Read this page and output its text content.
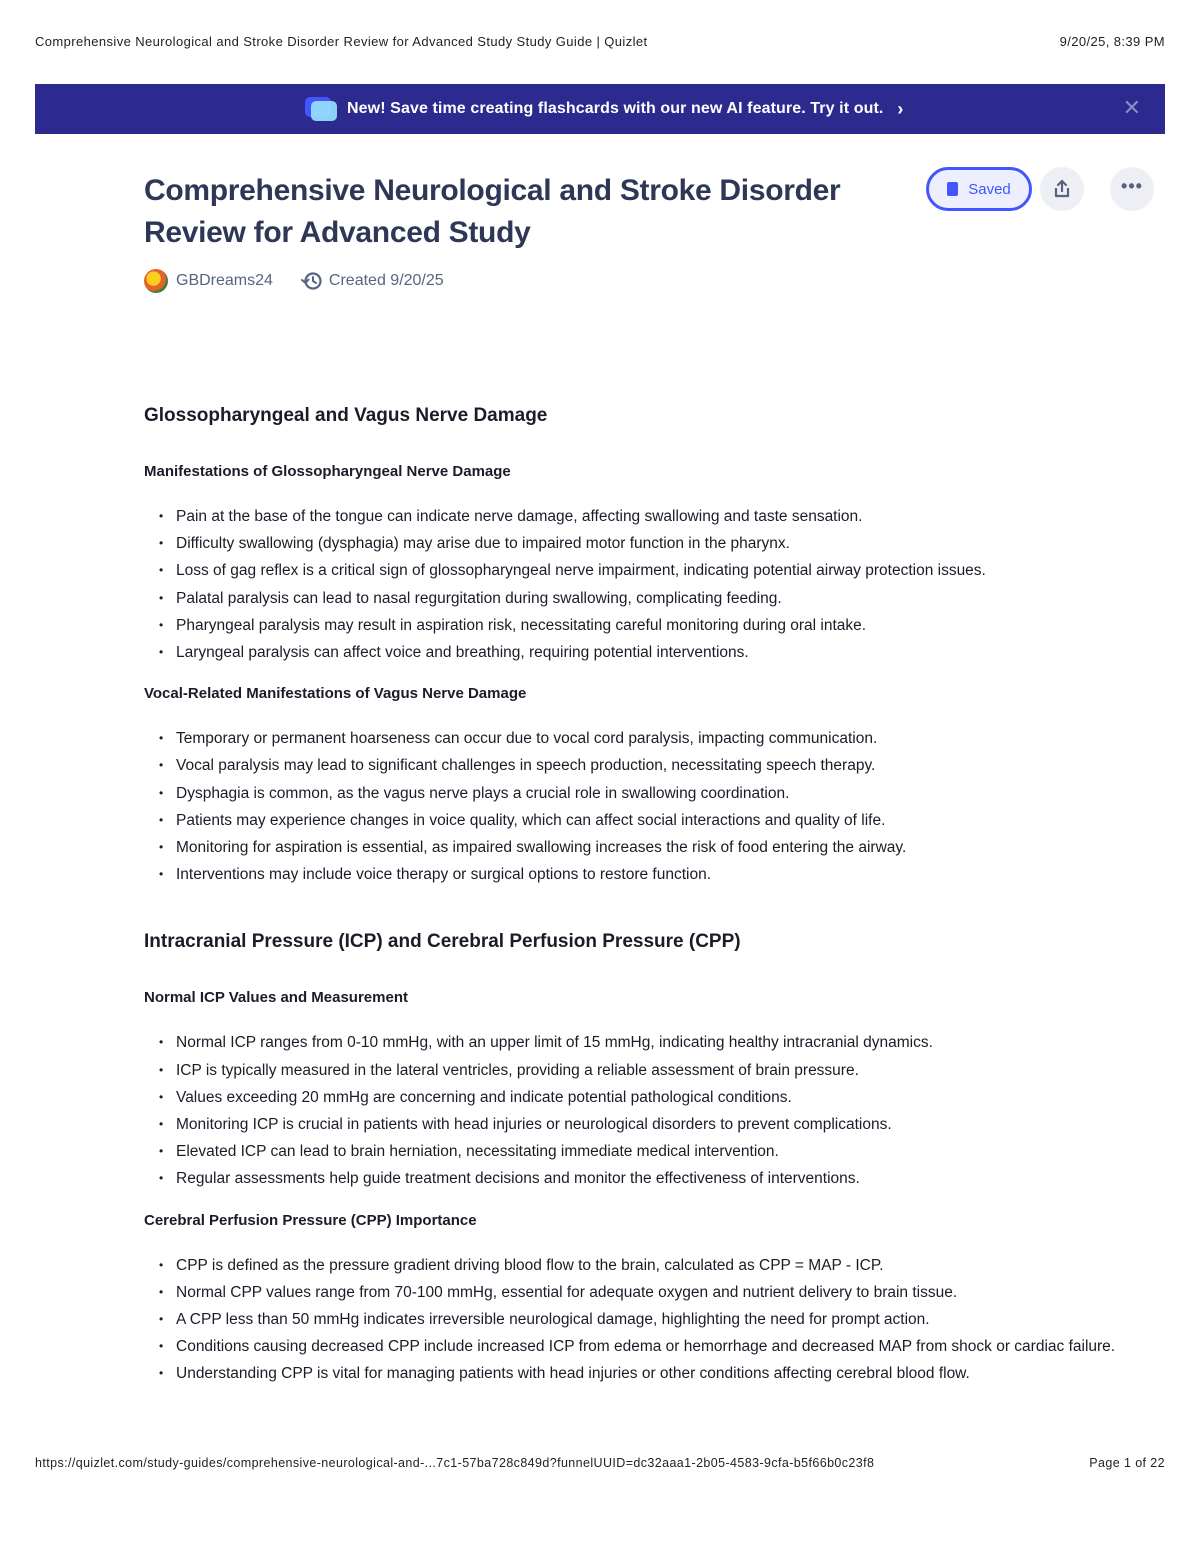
Comprehensive Neurological and Stroke Disorder Review for Advanced Study Study Guide | Quizlet	9/20/25, 8:39 PM
New! Save time creating flashcards with our new AI feature. Try it out. ›	✕
Comprehensive Neurological and Stroke Disorder Review for Advanced Study
Saved	•••
GBDreams24	Created 9/20/25
Glossopharyngeal and Vagus Nerve Damage
Manifestations of Glossopharyngeal Nerve Damage
• Pain at the base of the tongue can indicate nerve damage, affecting swallowing and taste sensation.
• Difficulty swallowing (dysphagia) may arise due to impaired motor function in the pharynx.
• Loss of gag reflex is a critical sign of glossopharyngeal nerve impairment, indicating potential airway protection issues.
• Palatal paralysis can lead to nasal regurgitation during swallowing, complicating feeding.
• Pharyngeal paralysis may result in aspiration risk, necessitating careful monitoring during oral intake.
• Laryngeal paralysis can affect voice and breathing, requiring potential interventions.
Vocal-Related Manifestations of Vagus Nerve Damage
• Temporary or permanent hoarseness can occur due to vocal cord paralysis, impacting communication.
• Vocal paralysis may lead to significant challenges in speech production, necessitating speech therapy.
• Dysphagia is common, as the vagus nerve plays a crucial role in swallowing coordination.
• Patients may experience changes in voice quality, which can affect social interactions and quality of life.
• Monitoring for aspiration is essential, as impaired swallowing increases the risk of food entering the airway.
• Interventions may include voice therapy or surgical options to restore function.
Intracranial Pressure (ICP) and Cerebral Perfusion Pressure (CPP)
Normal ICP Values and Measurement
• Normal ICP ranges from 0-10 mmHg, with an upper limit of 15 mmHg, indicating healthy intracranial dynamics.
• ICP is typically measured in the lateral ventricles, providing a reliable assessment of brain pressure.
• Values exceeding 20 mmHg are concerning and indicate potential pathological conditions.
• Monitoring ICP is crucial in patients with head injuries or neurological disorders to prevent complications.
• Elevated ICP can lead to brain herniation, necessitating immediate medical intervention.
• Regular assessments help guide treatment decisions and monitor the effectiveness of interventions.
Cerebral Perfusion Pressure (CPP) Importance
• CPP is defined as the pressure gradient driving blood flow to the brain, calculated as CPP = MAP - ICP.
• Normal CPP values range from 70-100 mmHg, essential for adequate oxygen and nutrient delivery to brain tissue.
• A CPP less than 50 mmHg indicates irreversible neurological damage, highlighting the need for prompt action.
• Conditions causing decreased CPP include increased ICP from edema or hemorrhage and decreased MAP from shock or cardiac failure.
• Understanding CPP is vital for managing patients with head injuries or other conditions affecting cerebral blood flow.
https://quizlet.com/study-guides/comprehensive-neurological-and-...7c1-57ba728c849d?funnelUUID=dc32aaa1-2b05-4583-9cfa-b5f66b0c23f8	Page 1 of 22
